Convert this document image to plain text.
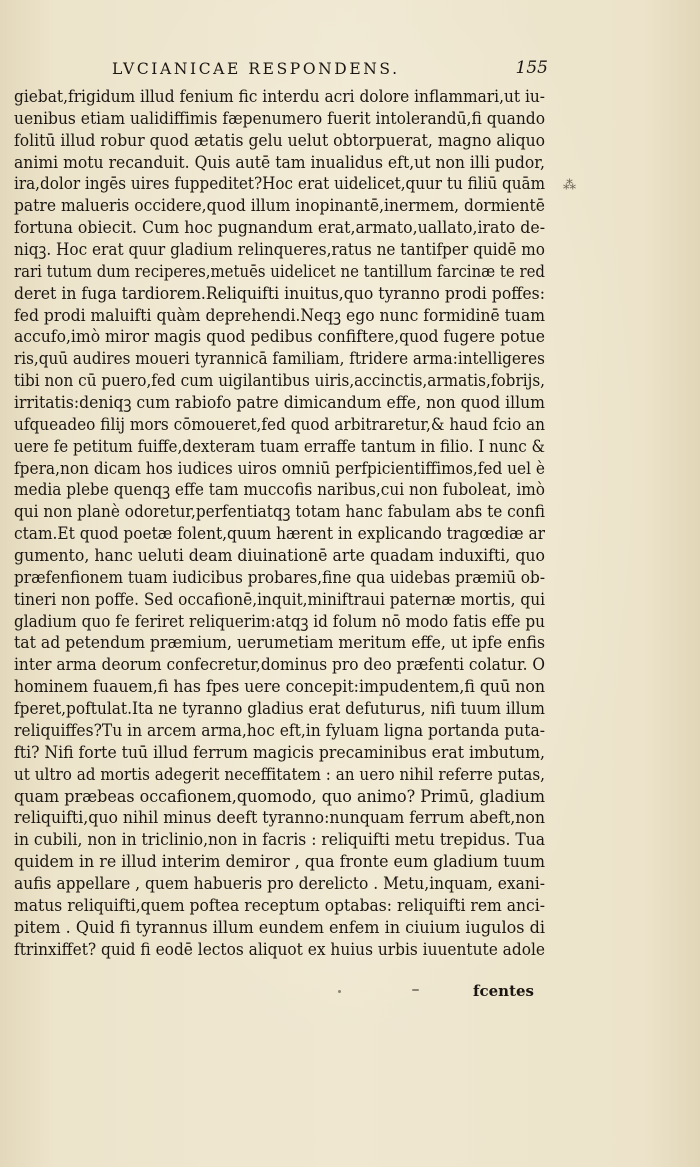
LVCIANICAE RESPONDENS.	155
⁂
giebat,frigidum illud fenium fic interdu acri dolore inflammari,ut iu-
uenibus etiam ualidiffimis fæpenumero fuerit intolerandū,fi quando
folitū illud robur quod ætatis gelu uelut obtorpuerat, magno aliquo
animi motu recanduit. Quis autē tam inualidus eft,ut non illi pudor,
ira,dolor ingēs uires fuppeditet?Hoc erat uidelicet,quur tu filiū quām
patre malueris occidere,quod illum inopinantē,inermem, dormientē
fortuna obiecit. Cum hoc pugnandum erat,armato,uallato,irato de-
niqꝫ. Hoc erat quur gladium relinqueres,ratus ne tantifper quidē mo
rari tutum dum reciperes,metuēs uidelicet ne tantillum farcinæ te red
deret in fuga tardiorem.Reliquifti inuitus,quo tyranno prodi poffes:
fed prodi maluifti quàm deprehendi.Neqꝫ ego nunc formidinē tuam
accufo,imò miror magis quod pedibus confiftere,quod fugere potue
ris,quū audires moueri tyrannicā familiam, ftridere arma:intelligeres
tibi non cū puero,fed cum uigilantibus uiris,accinctis,armatis,fobrijs,
irritatis:deniqꝫ cum rabiofo patre dimicandum effe, non quod illum
ufqueadeo filij mors cōmoueret,fed quod arbitraretur,& haud fcio an
uere fe petitum fuiffe,dexteram tuam erraffe tantum in filio. I nunc &
fpera,non dicam hos iudices uiros omniū perfpicientiffimos,fed uel è
media plebe quenqꝫ effe tam muccofis naribus,cui non fuboleat, imò
qui non planè odoretur,perfentiatqꝫ totam hanc fabulam abs te confi
ctam.Et quod poetæ folent,quum hærent in explicando tragœdiæ ar
gumento, hanc ueluti deam diuinationē arte quadam induxifti, quo
præfenfionem tuam iudicibus probares,fine qua uidebas præmiū ob-
tineri non poffe. Sed occafionē,inquit,miniftraui paternæ mortis, qui
gladium quo fe feriret reliquerim:atqꝫ id folum nō modo fatis effe pu
tat ad petendum præmium, uerumetiam meritum effe, ut ipfe enfis
inter arma deorum confecretur,dominus pro deo præfenti colatur. O
hominem fuauem,fi has fpes uere concepit:impudentem,fi quū non
fperet,poftulat.Ita ne tyranno gladius erat defuturus, nifi tuum illum
reliquiffes?Tu in arcem arma,hoc eft,in fyluam ligna portanda puta-
fti? Nifi forte tuū illud ferrum magicis precaminibus erat imbutum,
ut ultro ad mortis adegerit neceffitatem : an uero nihil referre putas,
quam præbeas occafionem,quomodo, quo animo? Primū, gladium
reliquifti,quo nihil minus deeft tyranno:nunquam ferrum abeft,non
in cubili, non in triclinio,non in facris : reliquifti metu trepidus. Tua
quidem in re illud interim demiror , qua fronte eum gladium tuum
aufis appellare , quem habueris pro derelicto . Metu,inquam, exani-
matus reliquifti,quem poftea receptum optabas: reliquifti rem anci-
pitem . Quid fi tyrannus illum eundem enfem in ciuium iugulos di
ftrinxiffet? quid fi eodē lectos aliquot ex huius urbis iuuentute adole
fcentes
